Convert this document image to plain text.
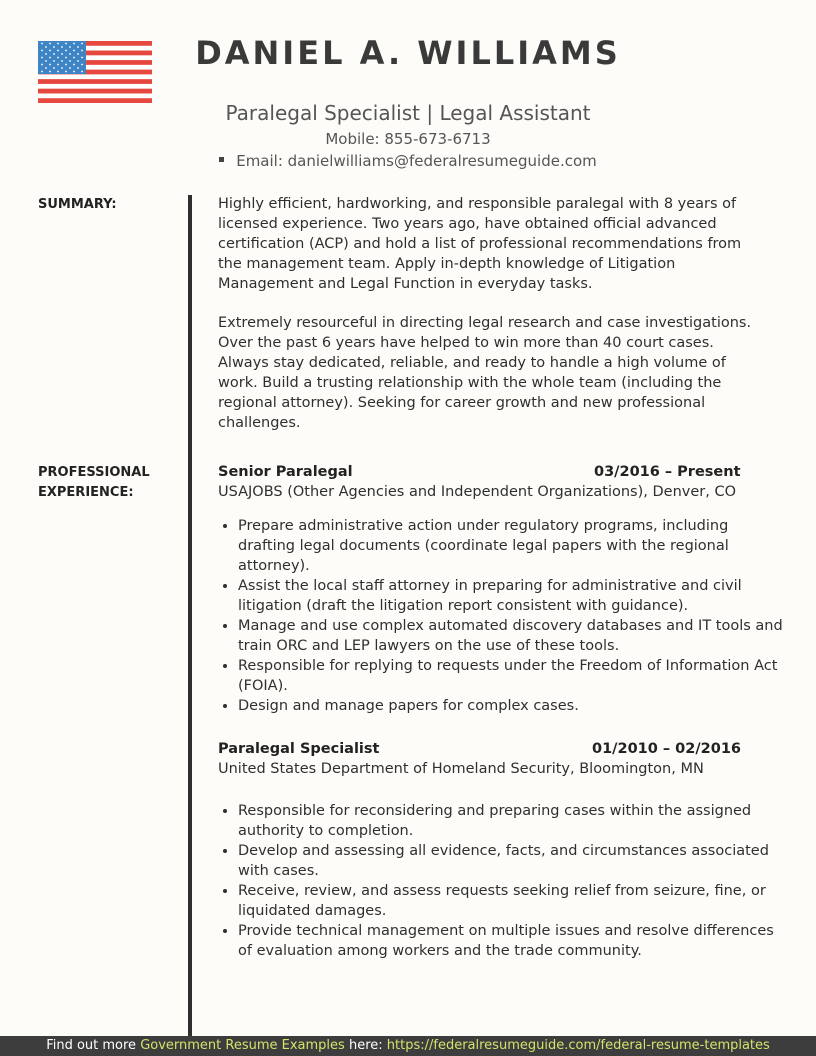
DANIEL A. WILLIAMS
Paralegal Specialist | Legal Assistant
Mobile: 855-673-6713
Email: danielwilliams@federalresumeguide.com
SUMMARY:	Highly efficient, hardworking, and responsible paralegal with 8 years of licensed experience. Two years ago, have obtained official advanced certification (ACP) and hold a list of professional recommendations from the management team. Apply in-depth knowledge of Litigation Management and Legal Function in everyday tasks.

Extremely resourceful in directing legal research and case investigations. Over the past 6 years have helped to win more than 40 court cases. Always stay dedicated, reliable, and ready to handle a high volume of work. Build a trusting relationship with the whole team (including the regional attorney). Seeking for career growth and new professional challenges.

PROFESSIONAL
EXPERIENCE:
Senior Paralegal	03/2016 – Present
USAJOBS (Other Agencies and Independent Organizations), Denver, CO
• Prepare administrative action under regulatory programs, including drafting legal documents (coordinate legal papers with the regional attorney).
• Assist the local staff attorney in preparing for administrative and civil litigation (draft the litigation report consistent with guidance).
• Manage and use complex automated discovery databases and IT tools and train ORC and LEP lawyers on the use of these tools.
• Responsible for replying to requests under the Freedom of Information Act (FOIA).
• Design and manage papers for complex cases.
Paralegal Specialist	01/2010 – 02/2016
United States Department of Homeland Security, Bloomington, MN
• Responsible for reconsidering and preparing cases within the assigned authority to completion.
• Develop and assessing all evidence, facts, and circumstances associated with cases.
• Receive, review, and assess requests seeking relief from seizure, fine, or liquidated damages.
• Provide technical management on multiple issues and resolve differences of evaluation among workers and the trade community.
Find out more Government Resume Examples here: https://federalresumeguide.com/federal-resume-templates
